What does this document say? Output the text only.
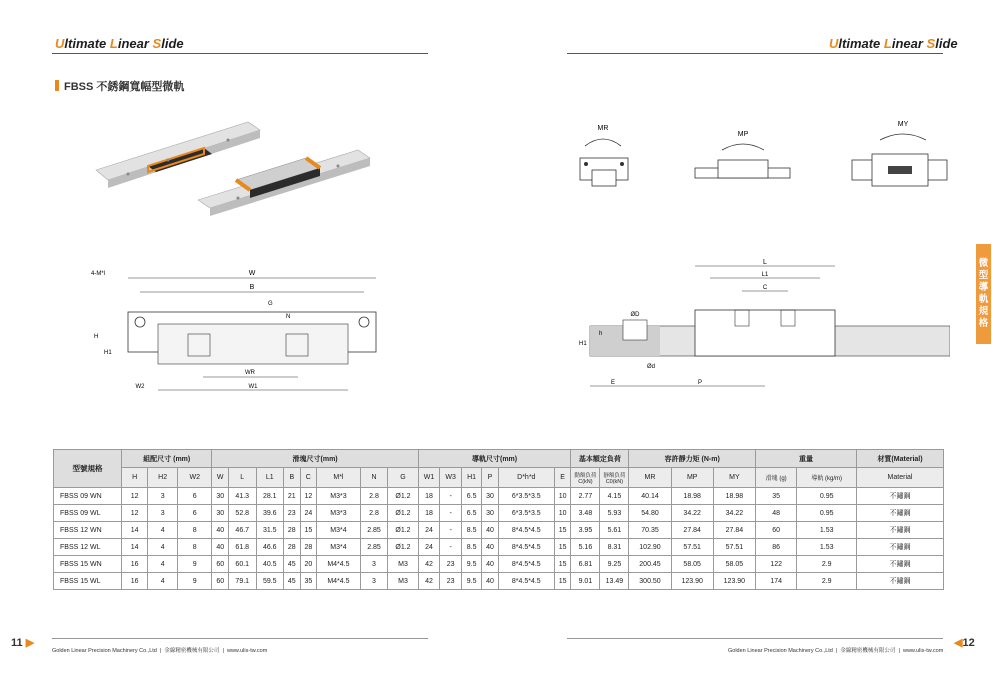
Ultimate Linear Slide	Ultimate Linear Slide
FBSS 不銹鋼寬幅型微軌
微
型
導
軌
規
格
MR
MP
MY
W
B
4-M*l
G
N
H
H1
WR
W1
W2
L
L1
C
ØD
h
H1
Ød
E	P
型號規格	組配尺寸 (mm)			滑塊尺寸(mm)								導軌尺寸(mm)						基本額定負荷		容許靜力矩 (N-m)			重量		材質(Material)
	H	H2	W2	W	L	L1	B	C	M*l	N	G	W1	W3	H1	P	D*h*d	E	動額負荷 C(kN)	靜額負荷 C0(kN)	MR	MP	MY	滑塊 (g)	導軌 (kg/m)	Material
FBSS 09 WN	12	3	6	30	41.3	28.1	21	12	M3*3	2.8	Ø1.2	18	-	6.5	30	6*3.5*3.5	10	2.77	4.15	40.14	18.98	18.98	35	0.95	不鏽鋼
FBSS 09 WL	12	3	6	30	52.8	39.6	23	24	M3*3	2.8	Ø1.2	18	-	6.5	30	6*3.5*3.5	10	3.48	5.93	54.80	34.22	34.22	48	0.95	不鏽鋼
FBSS 12 WN	14	4	8	40	46.7	31.5	28	15	M3*4	2.85	Ø1.2	24	-	8.5	40	8*4.5*4.5	15	3.95	5.61	70.35	27.84	27.84	60	1.53	不鏽鋼
FBSS 12 WL	14	4	8	40	61.8	46.6	28	28	M3*4	2.85	Ø1.2	24	-	8.5	40	8*4.5*4.5	15	5.16	8.31	102.90	57.51	57.51	86	1.53	不鏽鋼
FBSS 15 WN	16	4	9	60	60.1	40.5	45	20	M4*4.5	3	M3	42	23	9.5	40	8*4.5*4.5	15	6.81	9.25	200.45	58.05	58.05	122	2.9	不鏽鋼
FBSS 15 WL	16	4	9	60	79.1	59.5	45	35	M4*4.5	3	M3	42	23	9.5	40	8*4.5*4.5	15	9.01	13.49	300.50	123.90	123.90	174	2.9	不鏽鋼
11 ▶	◀12
Golden Linear Precision Machinery Co.,Ltd  |  金線精密機械有限公司  |  www.ulis-tw.com	Golden Linear Precision Machinery Co.,Ltd  |  金線精密機械有限公司  |  www.ulis-tw.com
